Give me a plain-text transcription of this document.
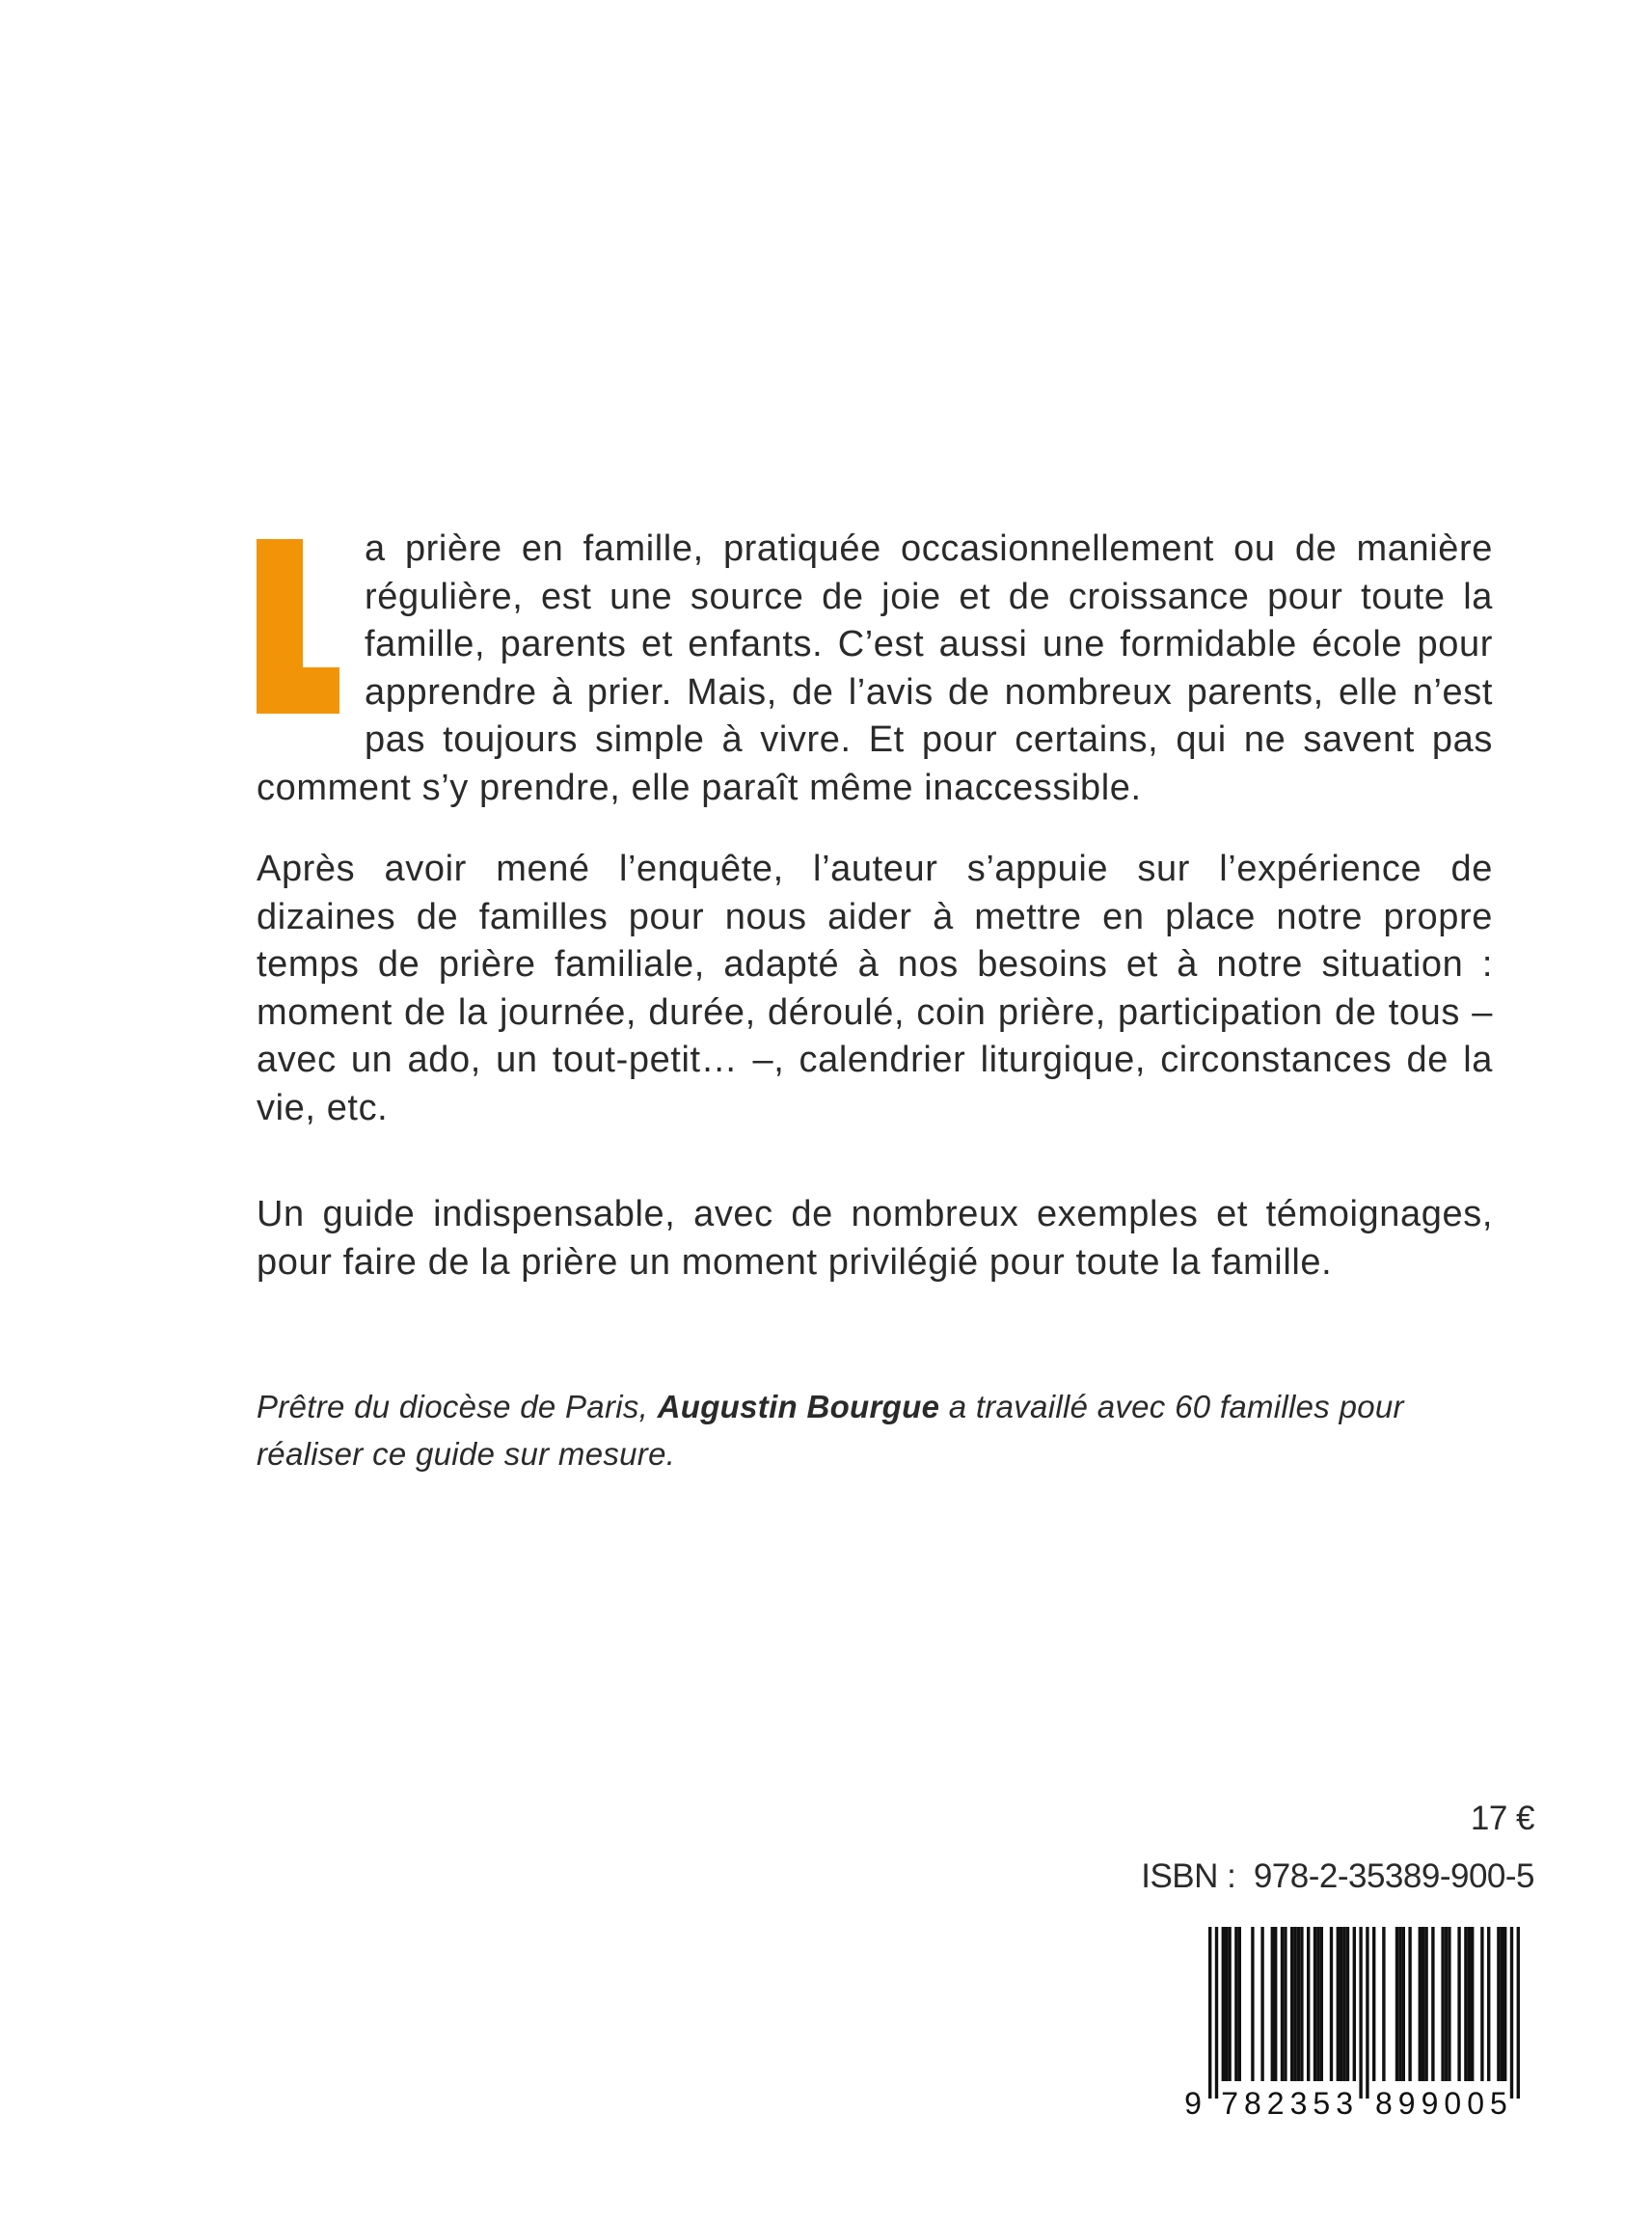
a prière en famille, pratiquée occasionnellement ou de manière régulière, est une source de joie et de croissance pour toute la famille, parents et enfants. C’est aussi une formidable école pour apprendre à prier. Mais, de l’avis de nombreux parents, elle n’est pas toujours simple à vivre. Et pour certains, qui ne savent pas comment s’y prendre, elle paraît même inaccessible.

Après avoir mené l’enquête, l’auteur s’appuie sur l’expérience de dizaines de familles pour nous aider à mettre en place notre propre temps de prière familiale, adapté à nos besoins et à notre situation : moment de la journée, durée, déroulé, coin prière, participation de tous – avec un ado, un tout-petit… –, calendrier liturgique, circonstances de la vie, etc.

Un guide indispensable, avec de nombreux exemples et témoignages, pour faire de la prière un moment privilégié pour toute la famille.

Prêtre du diocèse de Paris, Augustin Bourgue a travaillé avec 60 familles pour réaliser ce guide sur mesure.

17 €
ISBN : 978-2-35389-900-5
9 7 8 2 3 5 3 8 9 9 0 0 5
